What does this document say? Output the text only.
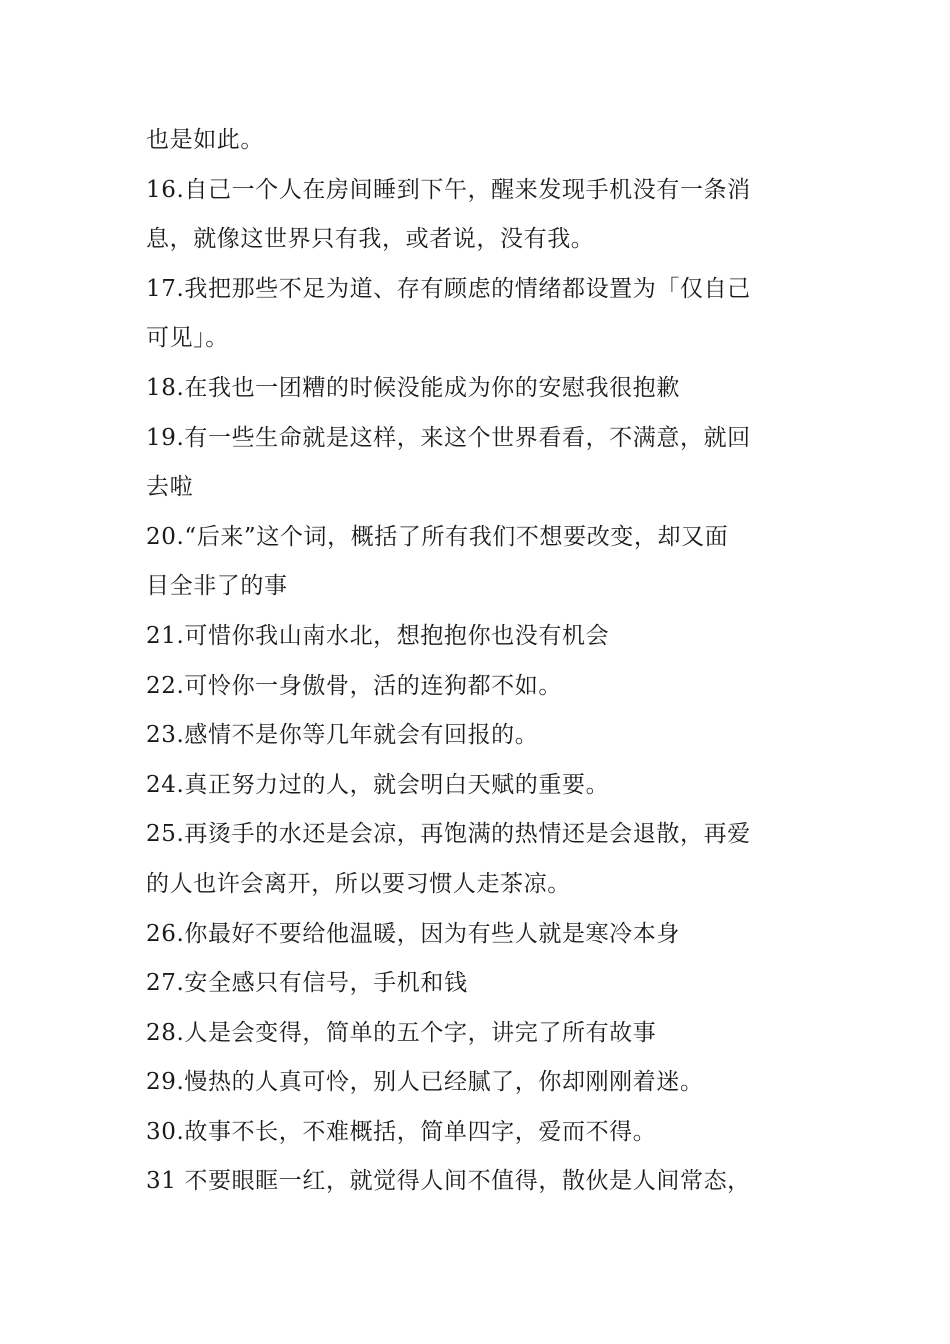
也是如此。
16.自己一个人在房间睡到下午，醒来发现手机没有一条消
息，就像这世界只有我，或者说，没有我。
17.我把那些不足为道、存有顾虑的情绪都设置为「仅自己
可见」。
18.在我也一团糟的时候没能成为你的安慰我很抱歉
19.有一些生命就是这样，来这个世界看看，不满意，就回
去啦
20.“后来”这个词，概括了所有我们不想要改变，却又面
目全非了的事
21.可惜你我山南水北，想抱抱你也没有机会
22.可怜你一身傲骨，活的连狗都不如。
23.感情不是你等几年就会有回报的。
24.真正努力过的人，就会明白天赋的重要。
25.再烫手的水还是会凉，再饱满的热情还是会退散，再爱
的人也许会离开，所以要习惯人走茶凉。
26.你最好不要给他温暖，因为有些人就是寒冷本身
27.安全感只有信号，手机和钱
28.人是会变得，简单的五个字，讲完了所有故事
29.慢热的人真可怜，别人已经腻了，你却刚刚着迷。
30.故事不长，不难概括，简单四字，爱而不得。
31 不要眼眶一红，就觉得人间不值得，散伙是人间常态，
